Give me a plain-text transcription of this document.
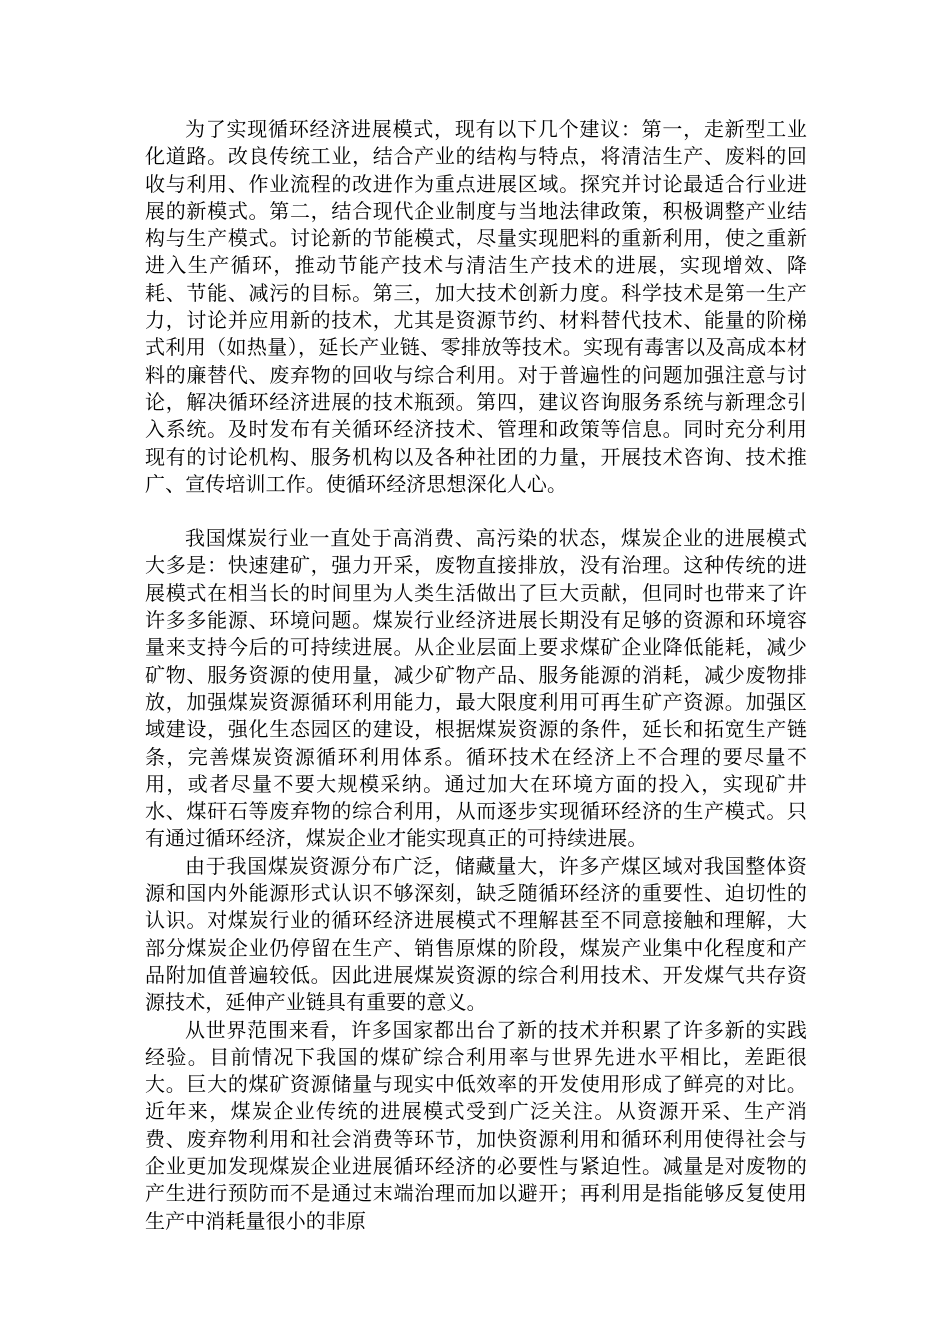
为了实现循环经济进展模式，现有以下几个建议：第一，走新型工业化道路。改良传统工业，结合产业的结构与特点，将清洁生产、废料的回收与利用、作业流程的改进作为重点进展区域。探究并讨论最适合行业进展的新模式。第二，结合现代企业制度与当地法律政策，积极调整产业结构与生产模式。讨论新的节能模式，尽量实现肥料的重新利用，使之重新进入生产循环，推动节能产技术与清洁生产技术的进展，实现增效、降耗、节能、减污的目标。第三，加大技术创新力度。科学技术是第一生产力，讨论并应用新的技术，尤其是资源节约、材料替代技术、能量的阶梯式利用（如热量），延长产业链、零排放等技术。实现有毒害以及高成本材料的廉替代、废弃物的回收与综合利用。对于普遍性的问题加强注意与讨论，解决循环经济进展的技术瓶颈。第四，建议咨询服务系统与新理念引入系统。及时发布有关循环经济技术、管理和政策等信息。同时充分利用现有的讨论机构、服务机构以及各种社团的力量，开展技术咨询、技术推广、宣传培训工作。使循环经济思想深化人心。

我国煤炭行业一直处于高消费、高污染的状态，煤炭企业的进展模式大多是：快速建矿，强力开采，废物直接排放，没有治理。这种传统的进展模式在相当长的时间里为人类生活做出了巨大贡献，但同时也带来了许许多多能源、环境问题。煤炭行业经济进展长期没有足够的资源和环境容量来支持今后的可持续进展。从企业层面上要求煤矿企业降低能耗，减少矿物、服务资源的使用量，减少矿物产品、服务能源的消耗，减少废物排放，加强煤炭资源循环利用能力，最大限度利用可再生矿产资源。加强区域建设，强化生态园区的建设，根据煤炭资源的条件，延长和拓宽生产链条，完善煤炭资源循环利用体系。循环技术在经济上不合理的要尽量不用，或者尽量不要大规模采纳。通过加大在环境方面的投入，实现矿井水、煤矸石等废弃物的综合利用，从而逐步实现循环经济的生产模式。只有通过循环经济，煤炭企业才能实现真正的可持续进展。

由于我国煤炭资源分布广泛，储藏量大，许多产煤区域对我国整体资源和国内外能源形式认识不够深刻，缺乏随循环经济的重要性、迫切性的认识。对煤炭行业的循环经济进展模式不理解甚至不同意接触和理解，大部分煤炭企业仍停留在生产、销售原煤的阶段，煤炭产业集中化程度和产品附加值普遍较低。因此进展煤炭资源的综合利用技术、开发煤气共存资源技术，延伸产业链具有重要的意义。

从世界范围来看，许多国家都出台了新的技术并积累了许多新的实践经验。目前情况下我国的煤矿综合利用率与世界先进水平相比，差距很大。巨大的煤矿资源储量与现实中低效率的开发使用形成了鲜亮的对比。近年来，煤炭企业传统的进展模式受到广泛关注。从资源开采、生产消费、废弃物利用和社会消费等环节，加快资源利用和循环利用使得社会与企业更加发现煤炭企业进展循环经济的必要性与紧迫性。减量是对废物的产生进行预防而不是通过末端治理而加以避开；再利用是指能够反复使用生产中消耗量很小的非原
